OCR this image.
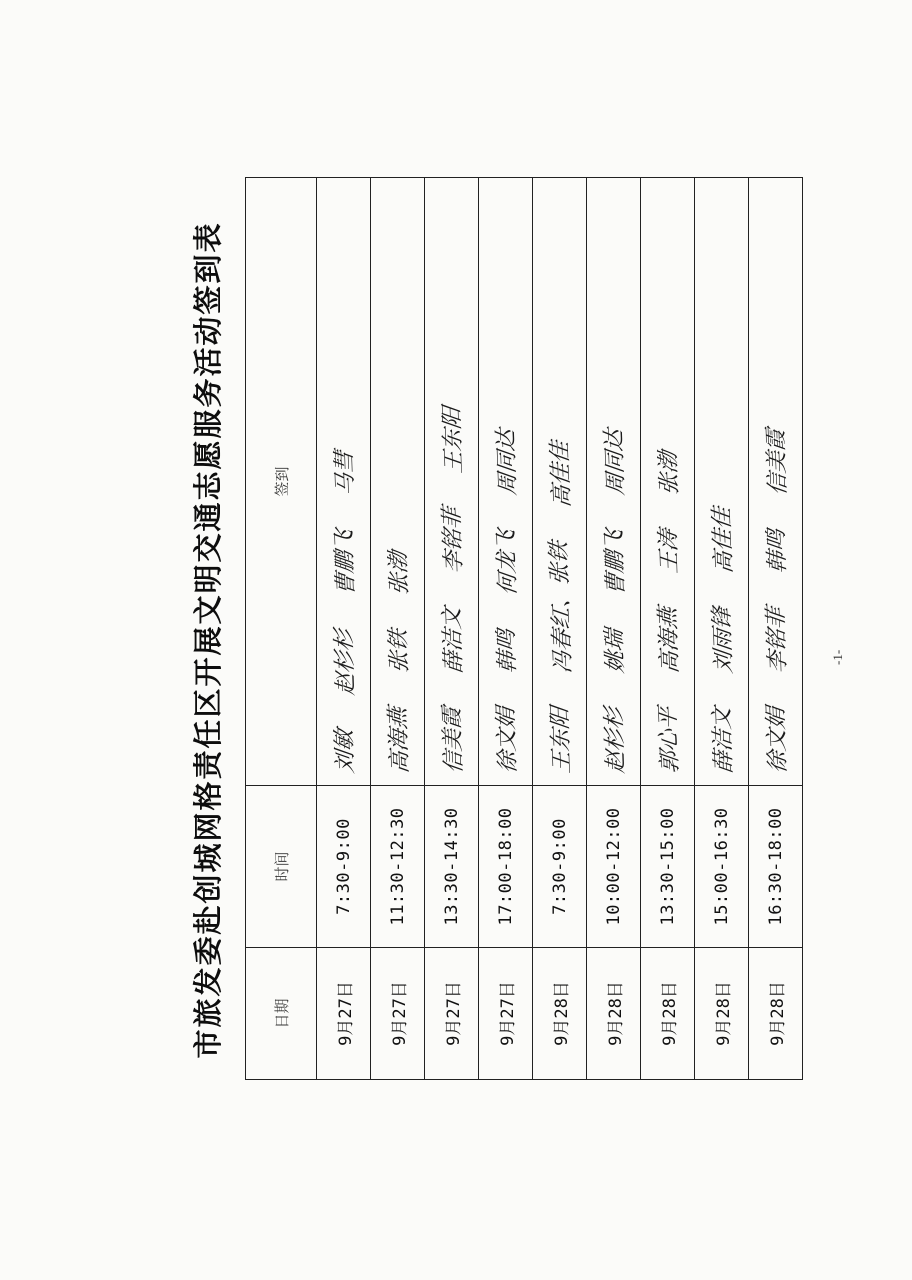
市旅发委赴创城网格责任区开展文明交通志愿服务活动签到表	日期	时间	签到
9月27日	7:30-9:00	刘敏赵杉杉曹鹏飞马彗
9月27日	11:30-12:30	高海燕张铁张渤
9月27日	13:30-14:30	信美霞薛洁文李铭菲王东阳
9月27日	17:00-18:00	徐文娟韩鸣何龙飞周同达
9月28日	7:30-9:00	王东阳冯春红、张铁高佳佳
9月28日	10:00-12:00	赵杉杉姚瑞曹鹏飞周同达
9月28日	13:30-15:00	郭心平高海燕王涛张渤
9月28日	15:00-16:30	薛洁文刘雨锋高佳佳
9月28日	16:30-18:00	徐文娟李铭菲韩鸣信美霞
-1-
